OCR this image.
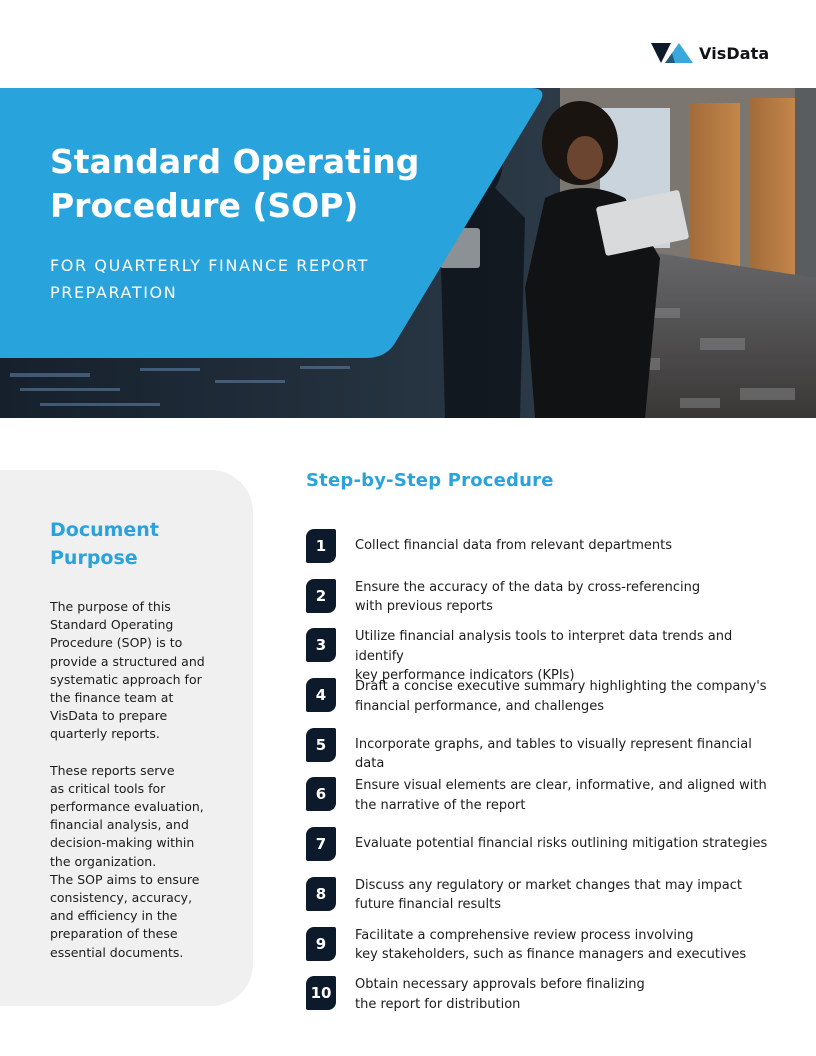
VisData
Standard Operating Procedure (SOP)
FOR QUARTERLY FINANCE REPORT PREPARATION
Document Purpose

The purpose of this
Standard Operating
Procedure (SOP) is to
provide a structured and
systematic approach for
the finance team at
VisData to prepare
quarterly reports.

These reports serve
as critical tools for
performance evaluation,
financial analysis, and
decision-making within
the organization.
The SOP aims to ensure
consistency, accuracy,
and efficiency in the
preparation of these
essential documents.

Step-by-Step Procedure
1	Collect financial data from relevant departments
2	Ensure the accuracy of the data by cross-referencing
with previous reports
3	Utilize financial analysis tools to interpret data trends and identify
key performance indicators (KPIs)
4	Draft a concise executive summary highlighting the company's
financial performance, and challenges
5	Incorporate graphs, and tables to visually represent financial data
6	Ensure visual elements are clear, informative, and aligned with
the narrative of the report
7	Evaluate potential financial risks outlining mitigation strategies
8	Discuss any regulatory or market changes that may impact
future financial results
9	Facilitate a comprehensive review process involving
key stakeholders, such as finance managers and executives
10	Obtain necessary approvals before finalizing
the report for distribution
